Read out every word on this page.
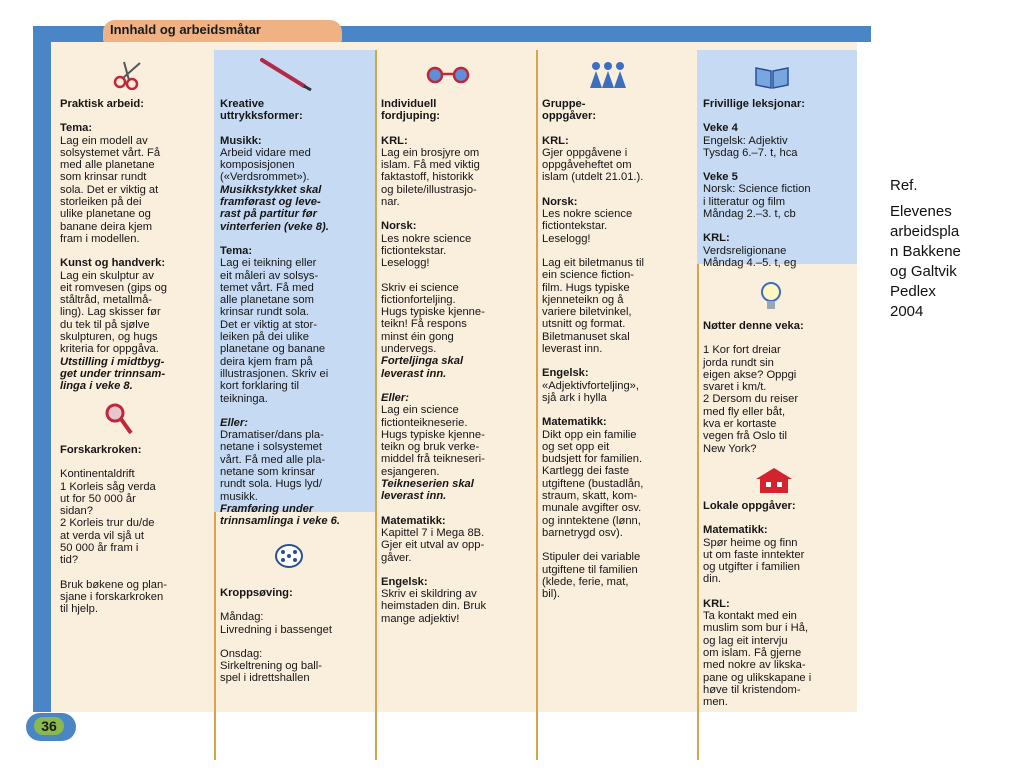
Innhald og arbeidsmåtar

Praktisk arbeid:

Tema:

Lag ein modell av

solsystemet vårt. Få

med alle planetane

som krinsar rundt

sola. Det er viktig at

storleiken på dei

ulike planetane og

banane deira kjem

fram i modellen.

Kunst og handverk:

Lag ein skulptur av

eit romvesen (gips og

ståltråd, metallmå-

ling). Lag skisser før

du tek til på sjølve

skulpturen, og hugs

kriteria for oppgåva.

Utstilling i midtbyg-

get under trinnsam-

linga i veke 8.

Forskarkroken:

Kontinentaldrift

1 Korleis såg verda

ut for 50 000 år

sidan?

2 Korleis trur du/de

at verda vil sjå ut

50 000 år fram i

tid?

Bruk bøkene og plan-

sjane i forskarkroken

til hjelp.

Kreative
uttrykksformer:

Musikk:

Arbeid vidare med

komposisjonen

(«Verdsrommet»).

Musikkstykket skal

framførast og leve-

rast på partitur før

vinterferien (veke 8).

Tema:

Lag ei teikning eller

eit måleri av solsys-

temet vårt. Få med

alle planetane som

krinsar rundt sola.

Det er viktig at stor-

leiken på dei ulike

planetane og banane

deira kjem fram på

illustrasjonen. Skriv ei

kort forklaring til

teikninga.

Eller:

Dramatiser/dans pla-

netane i solsystemet

vårt. Få med alle pla-

netane som krinsar

rundt sola. Hugs lyd/

musikk.

Framføring under

trinnsamlinga i veke 6.

Kroppsøving:

Måndag:

Livredning i bassenget

Onsdag:

Sirkeltrening og ball-

spel i idrettshallen

Individuell
fordjuping:

KRL:

Lag ein brosjyre om

islam. Få med viktig

faktastoff, historikk

og bilete/illustrasjo-

nar.

Norsk:

Les nokre science

fictiontekstar.

Leselogg!

Skriv ei science

fictionforteljing.

Hugs typiske kjenne-

teikn! Få respons

minst éin gong

undervegs.

Forteljinga skal

leverast inn.

Eller:

Lag ein science

fictionteikneserie.

Hugs typiske kjenne-

teikn og bruk verke-

middel frå teikneseri-

esjangeren.

Teikneserien skal

leverast inn.

Matematikk:

Kapittel 7 i Mega 8B.

Gjer eit utval av opp-

gåver.

Engelsk:

Skriv ei skildring av

heimstaden din. Bruk

mange adjektiv!

Gruppe-
oppgåver:

KRL:

Gjer oppgåvene i

oppgåveheftet om

islam (utdelt 21.01.).

Norsk:

Les nokre science

fictiontekstar.

Leselogg!

Lag eit biletmanus til

ein science fiction-

film. Hugs typiske

kjenneteikn og å

variere biletvinkel,

utsnitt og format.

Biletmanuset skal

leverast inn.

Engelsk:

«Adjektivforteljing»,

sjå ark i hylla

Matematikk:

Dikt opp ein familie

og set opp eit

budsjett for familien.

Kartlegg dei faste

utgiftene (bustadlån,

straum, skatt, kom-

munale avgifter osv.

og inntektene (lønn,

barnetrygd osv).

Stipuler dei variable

utgiftene til familien

(klede, ferie, mat,

bil).

Frivillige leksjonar:

Veke 4

Engelsk: Adjektiv

Tysdag 6.–7. t, hca

Veke 5

Norsk: Science fiction

i litteratur og film

Måndag 2.–3. t, cb

KRL:

Verdsreligionane

Måndag 4.–5. t, eg

Nøtter denne veka:

1 Kor fort dreiar

jorda rundt sin

eigen akse? Oppgi

svaret i km/t.

2 Dersom du reiser

med fly eller båt,

kva er kortaste

vegen frå Oslo til

New York?

Lokale oppgåver:

Matematikk:

Spør heime og finn

ut om faste inntekter

og utgifter i familien

din.

KRL:

Ta kontakt med ein

muslim som bur i Hå,

og lag eit intervju

om islam. Få gjerne

med nokre av likska-

pane og ulikskapane i

høve til kristendom-

men.

36

Ref.

Elevenes

arbeidspla

n Bakkene

og Galtvik

Pedlex

2004
